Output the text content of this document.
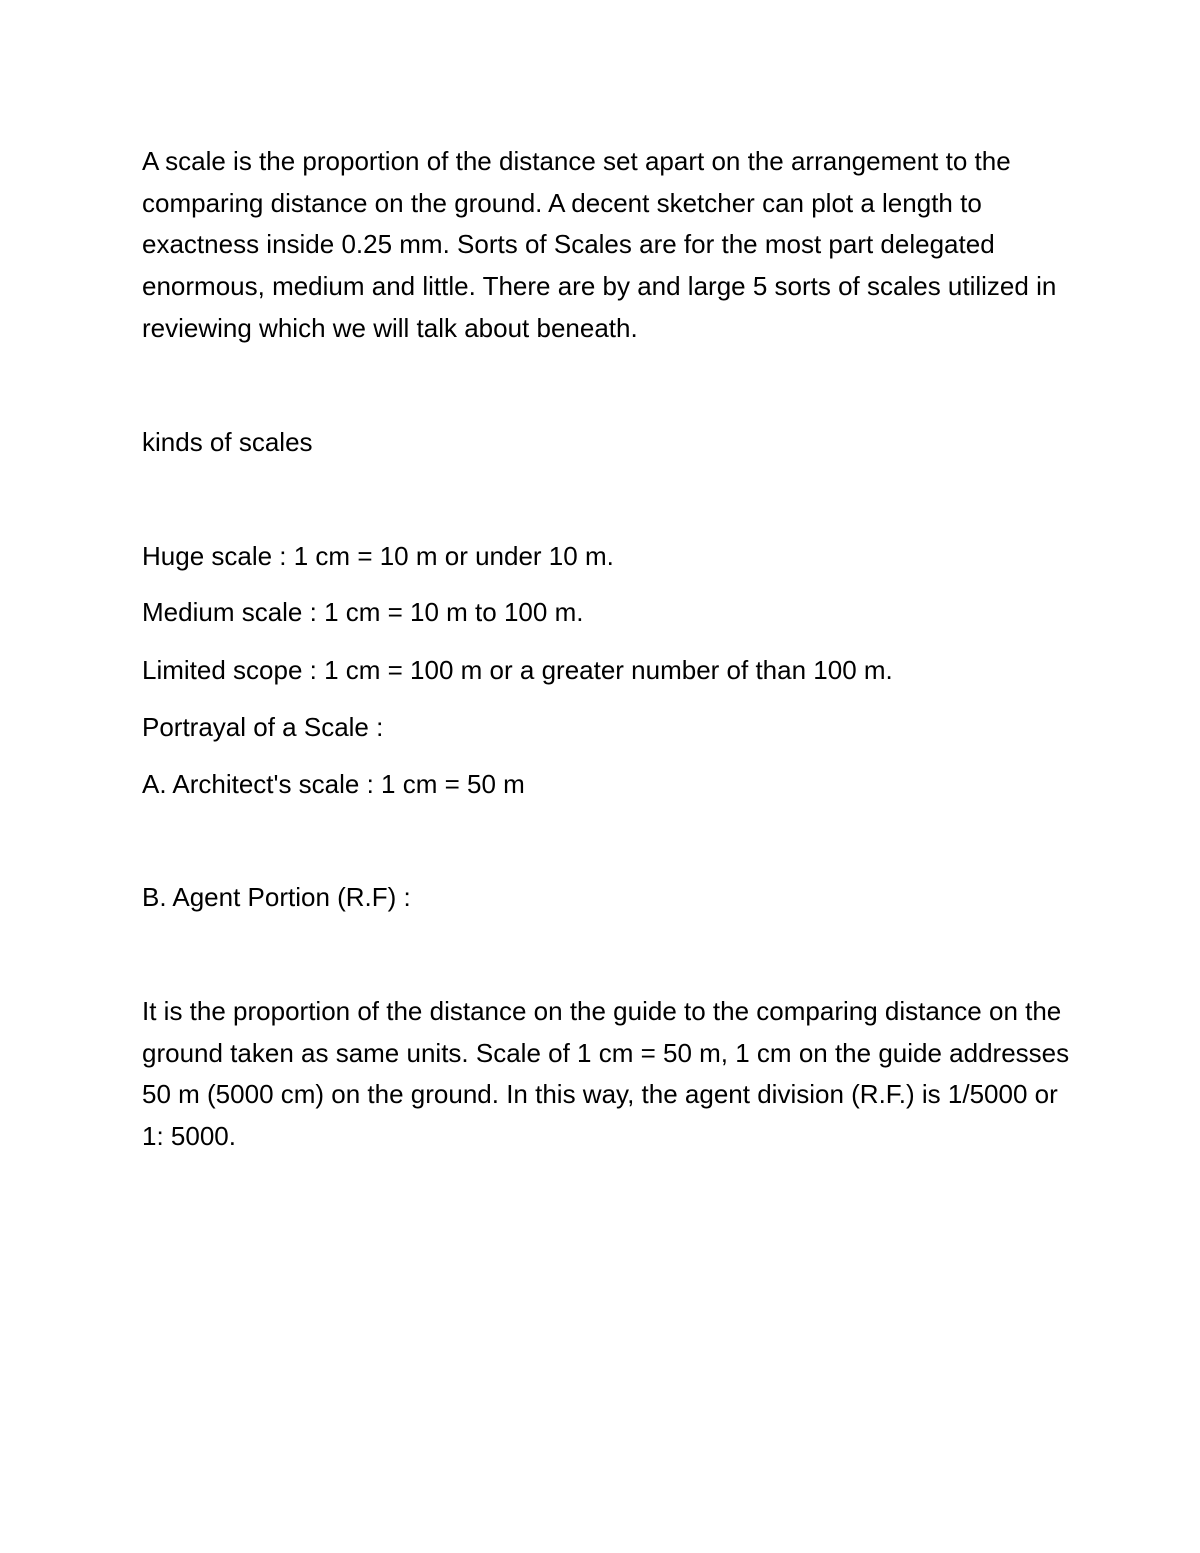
A scale is the proportion of the distance set apart on the arrangement to the comparing distance on the ground. A decent sketcher can plot a length to exactness inside 0.25 mm. Sorts of Scales are for the most part delegated enormous, medium and little. There are by and large 5 sorts of scales utilized in reviewing which we will talk about beneath.

kinds of scales

Huge scale : 1 cm = 10 m or under 10 m.

Medium scale : 1 cm = 10 m to 100 m.

Limited scope : 1 cm = 100 m or a greater number of than 100 m.

Portrayal of a Scale :

A. Architect's scale : 1 cm = 50 m

B. Agent Portion (R.F) :

It is the proportion of the distance on the guide to the comparing distance on the ground taken as same units. Scale of 1 cm = 50 m, 1 cm on the guide addresses 50 m (5000 cm) on the ground. In this way, the agent division (R.F.) is 1/5000 or 1: 5000.
